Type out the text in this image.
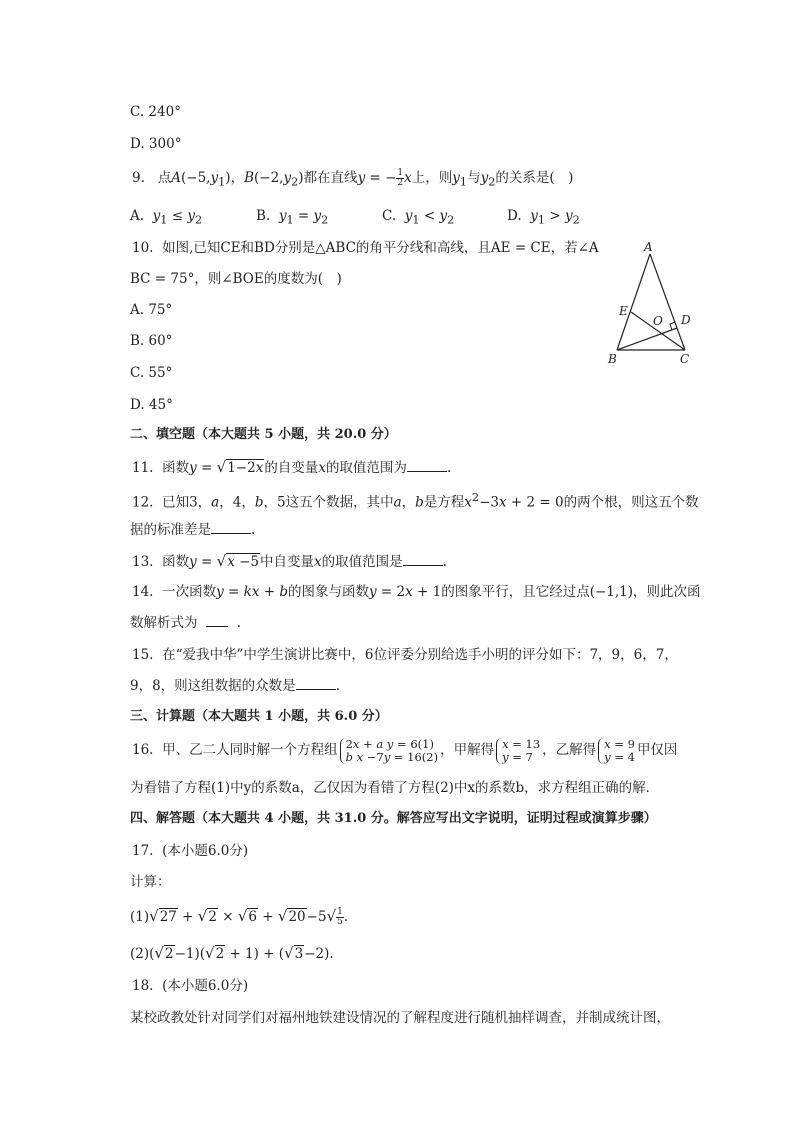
C. 240°
D. 300°
9. 点$A(-5,y_1)$，$B(-2,y_2)$都在直线y = − $\frac{1}{2}x$上，则$y_1$与$y_2$的关系是(　)
A. $y_1 \le y_2$	B. $y_1 = y_2$	C. $y_1 < y_2$	D. $y_1 > y_2$
10. 如图,已知CE和BD分别是△ABC的角平分线和高线，且AE = CE，若∠A
BC = 75°，则∠BOE的度数为(　)
A. 75°
B. 60°
C. 55°
D. 45°
A
B	C
D
E
O
二、填空题（本大题共 5 小题，共 20.0 分）
11. 函数y = √1−2x的自变量x的取值范围为	.
12. 已知3，a，4，b，5这五个数据，其中a，b是方程$x^2-3x + 2 = 0$的两个根，则这五个数
据的标准差是	.
13. 函数y = √x −5中自变量x的取值范围是	.
14. 一次函数y = kx + b的图象与函数y = 2x + 1的图象平行，且它经过点(−1,1)，则此次函
数解析式为	.
15. 在“爱我中华”中学生演讲比赛中，6位评委分别给选手小明的评分如下：7，9，6，7，
9，8，则这组数据的众数是	.
三、计算题（本大题共 1 小题，共 6.0 分）
16. 甲、乙二人同时解一个方程组 2x + a y = 6(1)
b x −7y = 16(2) ，甲解得 x = 13
y = 7 ，乙解得 x = 9
y = 4 甲仅因
为看错了方程(1)中y的系数a，乙仅因为看错了方程(2)中x的系数b，求方程组正确的解．
四、解答题（本大题共 4 小题，共 31.0 分。解答应写出文字说明，证明过程或演算步骤）
17. (本小题6.0分)
计算：
$(1)√27 + √2 \times √6 + √20-5√ \frac{1}{5}$.
(2)(√2−1)(√2 + 1) + (√3−2).
18. (本小题6.0分)
某校政教处针对同学们对福州地铁建设情况的了解程度进行随机抽样调查，并制成统计图，
